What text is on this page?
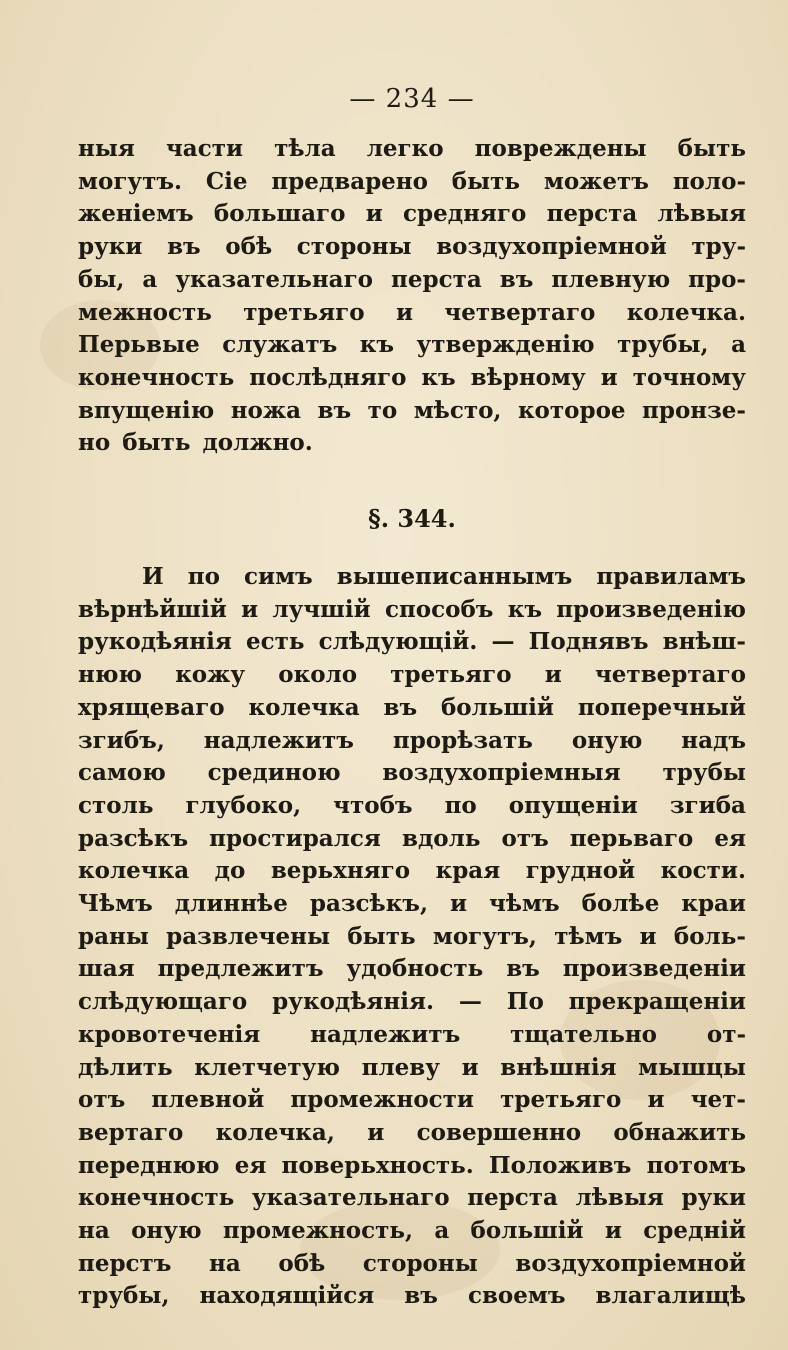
— 234 —
ныя части тѣла легко повреждены быть
могутъ. Сіе предварено быть можетъ поло-
женіемъ большаго и средняго перста лѣвыя
руки въ обѣ стороны воздухопріемной тру-
бы, а указательнаго перста въ плевную про-
межность третьяго и четвертаго колечка.
Перьвые служатъ къ утвержденію трубы, а
конечность послѣдняго къ вѣрному и точному
впущенію ножа въ то мѣсто, которое пронзе-
но быть должно.
§. 344.
И по симъ вышеписаннымъ правиламъ
вѣрнѣйшій и лучшій способъ къ произведенію
рукодѣянія есть слѣдующій. — Поднявъ внѣш-
нюю кожу около третьяго и четвертаго
хрящеваго колечка въ большій поперечный
згибъ, надлежитъ прорѣзать оную надъ
самою срединою воздухопріемныя трубы
столь глубоко, чтобъ по опущеніи згиба
разсѣкъ простирался вдоль отъ перьваго ея
колечка до верьхняго края грудной кости.
Чѣмъ длиннѣе разсѣкъ, и чѣмъ болѣе краи
раны развлечены быть могутъ, тѣмъ и боль-
шая предлежитъ удобность въ произведеніи
слѣдующаго рукодѣянія. — По прекращеніи
кровотеченія надлежитъ тщательно от-
дѣлить клетчетую плеву и внѣшнія мышцы
отъ плевной промежности третьяго и чет-
вертаго колечка, и совершенно обнажить
переднюю ея поверьхность. Положивъ потомъ
конечность указательнаго перста лѣвыя руки
на оную промежность, а большій и средній
перстъ на обѣ стороны воздухопріемной
трубы, находящійся въ своемъ влагалищѣ
